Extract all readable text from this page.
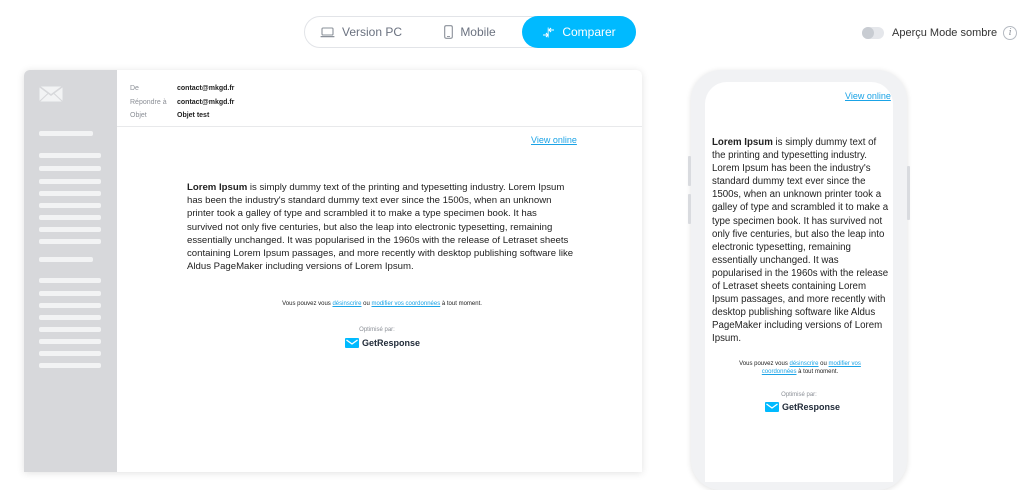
Version PC	Mobile	Comparer	Aperçu Mode sombre	i
De	contact@mkgd.fr
Répondre à	contact@mkgd.fr
Objet	Objet test
View online
Lorem Ipsum is simply dummy text of the printing and typesetting industry. Lorem Ipsum has been the industry's standard dummy text ever since the 1500s, when an unknown printer took a galley of type and scrambled it to make a type specimen book. It has survived not only five centuries, but also the leap into electronic typesetting, remaining essentially unchanged. It was popularised in the 1960s with the release of Letraset sheets containing Lorem Ipsum passages, and more recently with desktop publishing software like Aldus PageMaker including versions of Lorem Ipsum.
Vous pouvez vous désinscrire ou modifier vos coordonnées à tout moment.
Optimisé par:
GetResponse
View online
Lorem Ipsum is simply dummy text of the printing and typesetting industry. Lorem Ipsum has been the industry's standard dummy text ever since the 1500s, when an unknown printer took a galley of type and scrambled it to make a type specimen book. It has survived not only five centuries, but also the leap into electronic typesetting, remaining essentially unchanged. It was popularised in the 1960s with the release of Letraset sheets containing Lorem Ipsum passages, and more recently with desktop publishing software like Aldus PageMaker including versions of Lorem Ipsum.
Vous pouvez vous désinscrire ou modifier vos coordonnées à tout moment.
Optimisé par:
GetResponse
